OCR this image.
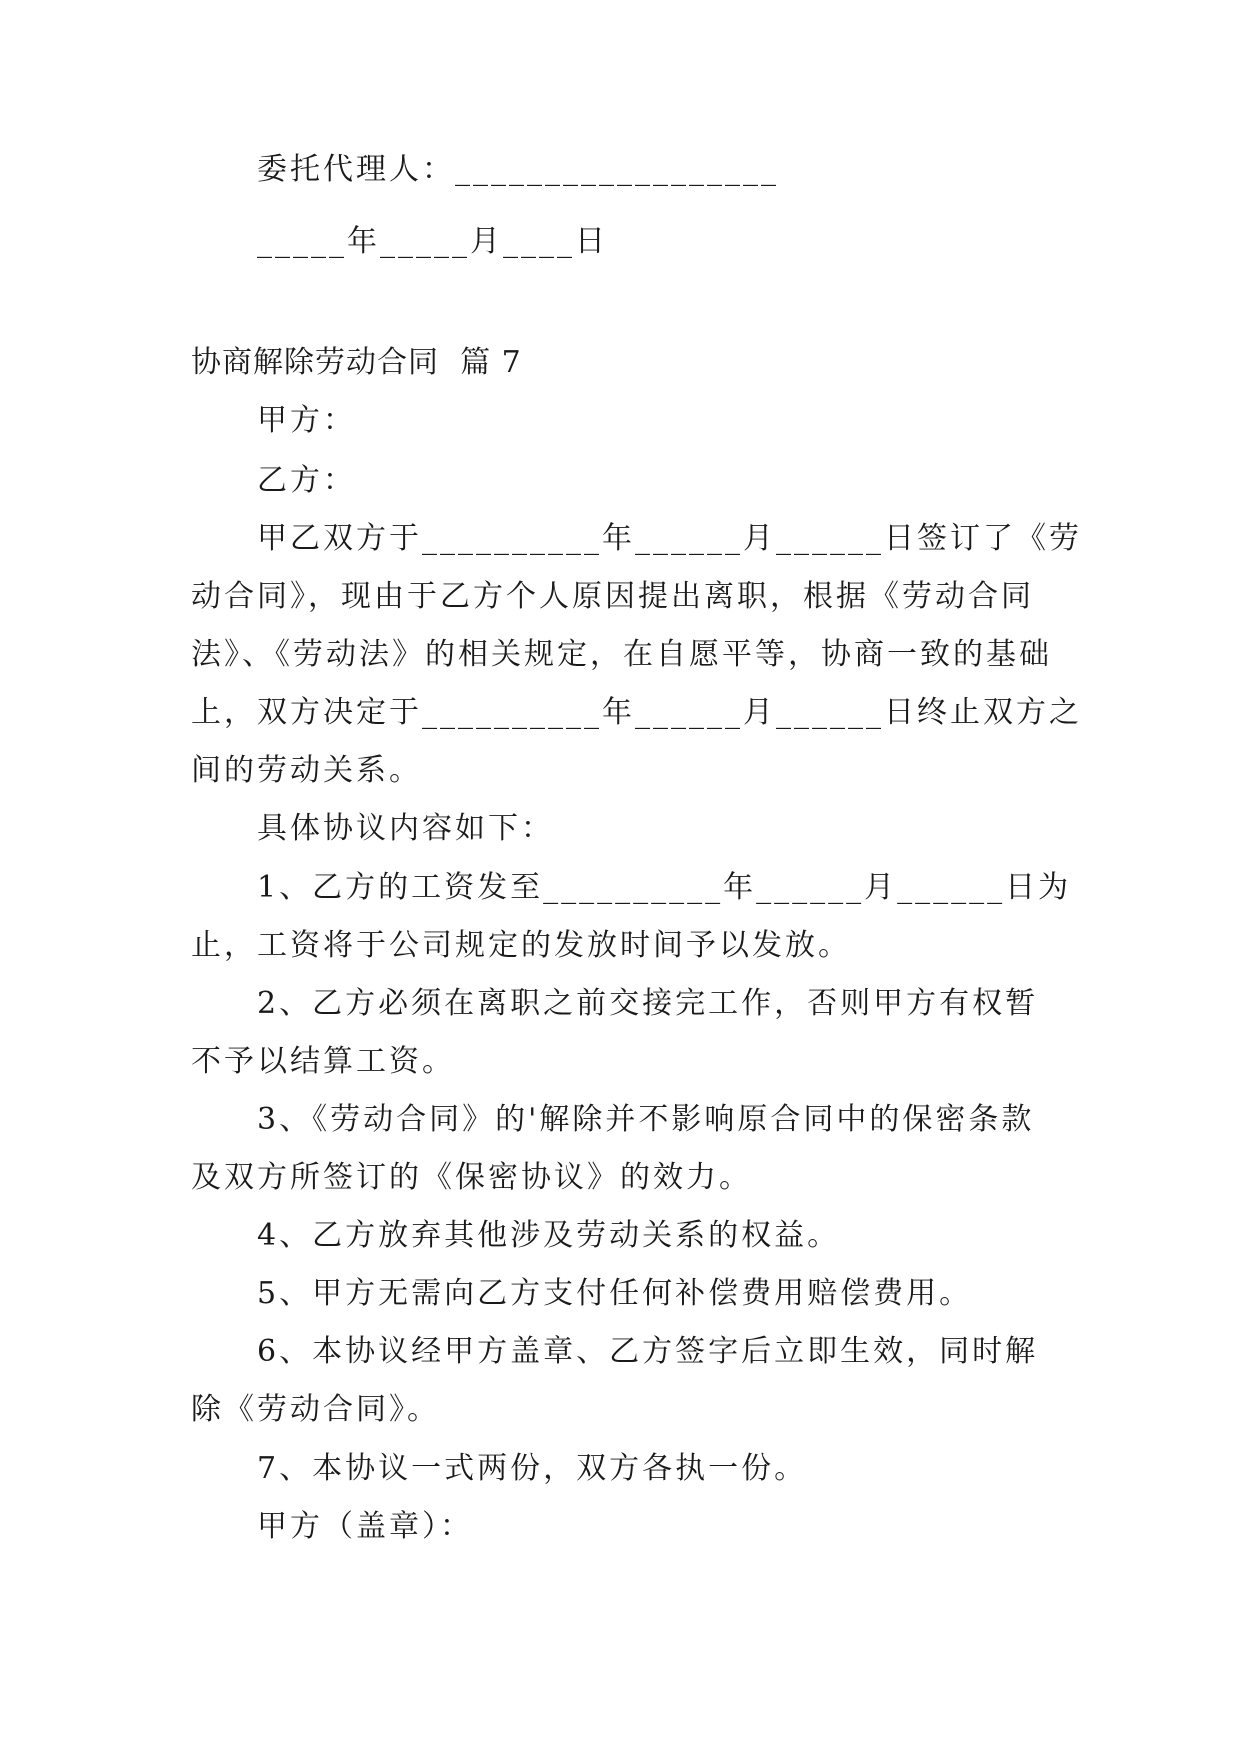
委托代理人：__________________
_____年_____月____日
协商解除劳动合同  篇 7
甲方：
乙方：
甲乙双方于__________年______月______日签订了《劳
动合同》，现由于乙方个人原因提出离职，根据《劳动合同
法》、《劳动法》的相关规定，在自愿平等，协商一致的基础
上，双方决定于__________年______月______日终止双方之
间的劳动关系。
具体协议内容如下：
1、乙方的工资发至__________年______月______日为
止，工资将于公司规定的发放时间予以发放。
2、乙方必须在离职之前交接完工作，否则甲方有权暂
不予以结算工资。
3、《劳动合同》的'解除并不影响原合同中的保密条款
及双方所签订的《保密协议》的效力。
4、乙方放弃其他涉及劳动关系的权益。
5、甲方无需向乙方支付任何补偿费用赔偿费用。
6、本协议经甲方盖章、乙方签字后立即生效，同时解
除《劳动合同》。
7、本协议一式两份，双方各执一份。
甲方（盖章）：
